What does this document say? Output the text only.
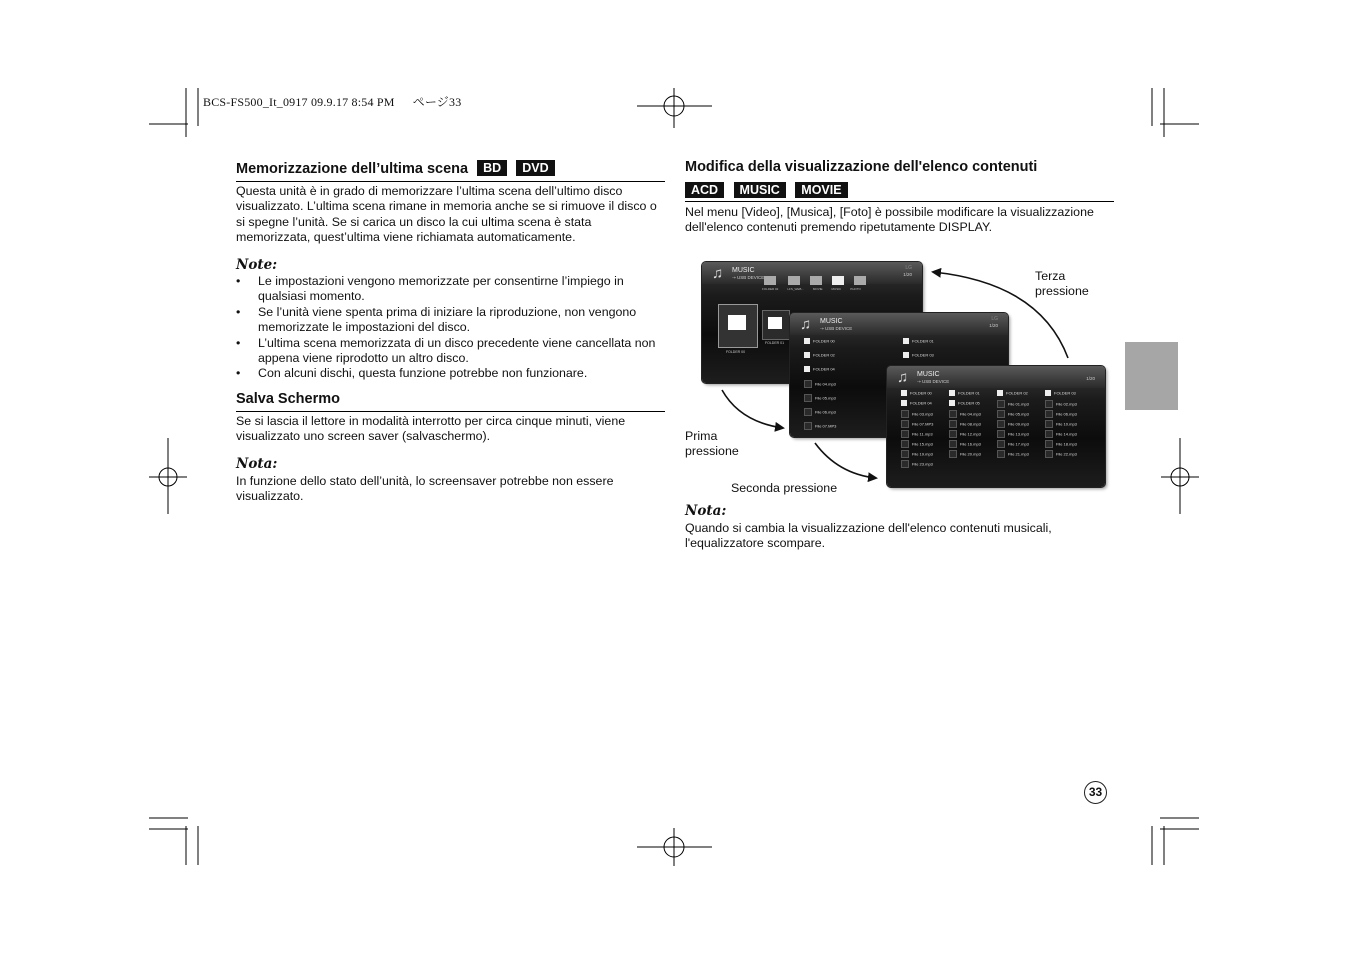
BCS-FS500_It_0917 09.9.17 8:54 PM ページ33
Memorizzazione dell’ultima scena BD DVD

Questa unità è in grado di memorizzare l’ultima scena dell’ultimo disco visualizzato. L’ultima scena rimane in memoria anche se si rimuove il disco o si spegne l’unità. Se si carica un disco la cui ultima scena è stata memorizzata, quest’ultima viene richiamata automaticamente.

Note:

• Le impostazioni vengono memorizzate per consentirne l’impiego in qualsiasi momento.
• Se l’unità viene spenta prima di iniziare la riproduzione, non vengono memorizzate le impostazioni del disco.
• L’ultima scena memorizzata di un disco precedente viene cancellata non appena viene riprodotto un altro disco.
• Con alcuni dischi, questa funzione potrebbe non funzionare.
Salva Schermo

Se si lascia il lettore in modalità interrotto per circa cinque minuti, viene visualizzato uno screen saver (salvaschermo).

Nota:

In funzione dello stato dell’unità, lo screensaver potrebbe non essere visualizzato.

Modifica della visualizzazione dell'elenco contenuti
ACD MUSIC MOVIE

Nel menu [Video], [Musica], [Foto] è possibile modificare la visualizzazione dell'elenco contenuti premendo ripetutamente DISPLAY.

♫ MUSIC
⇢ USB DEVICE
LG
1/20
FOLDER 02	LFS_WEB...	MOVIE	MUSIC	PHOTO
FOLDER 00
FOLDER 01
♫ MUSIC
⇢ USB DEVICE
LG
1/20
FOLDER 00
FOLDER 02
FOLDER 04
File 04.mp3
File 05.mp3
File 06.mp3
File 07.MP3
FOLDER 01
FOLDER 03
♫ MUSIC
⇢ USB DEVICE
1/20
FOLDER 00
FOLDER 04
File 03.mp3
File 07.MP3
File 11.mp3
File 15.mp3
File 19.mp3
File 23.mp3
FOLDER 01
FOLDER 05
File 04.mp3
File 08.mp3
File 12.mp3
File 16.mp3
File 20.mp3
FOLDER 02
File 01.mp3
File 05.mp3
File 09.mp3
File 13.mp3
File 17.mp3
File 21.mp3
FOLDER 03
File 02.mp3
File 06.mp3
File 10.mp3
File 14.mp3
File 18.mp3
File 22.mp3
Terza pressione
Prima pressione
Seconda pressione

Nota:

Quando si cambia la visualizzazione dell'elenco contenuti musicali, l'equalizzatore scompare.

33
